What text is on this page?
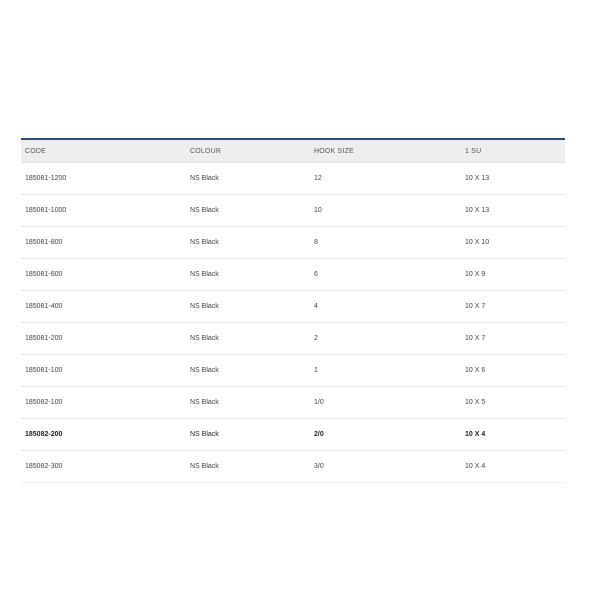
CODE	COLOUR	HOOK SIZE	1 SU
185081-1200	NS Black	12	10 X 13
185081-1000	NS Black	10	10 X 13
185081-800	NS Black	8	10 X 10
185081-600	NS Black	6	10 X 9
185081-400	NS Black	4	10 X 7
185081-200	NS Black	2	10 X 7
185081-100	NS Black	1	10 X 6
185082-100	NS Black	1/0	10 X 5
185082-200	NS Black	2/0	10 X 4
185082-300	NS Black	3/0	10 X 4
